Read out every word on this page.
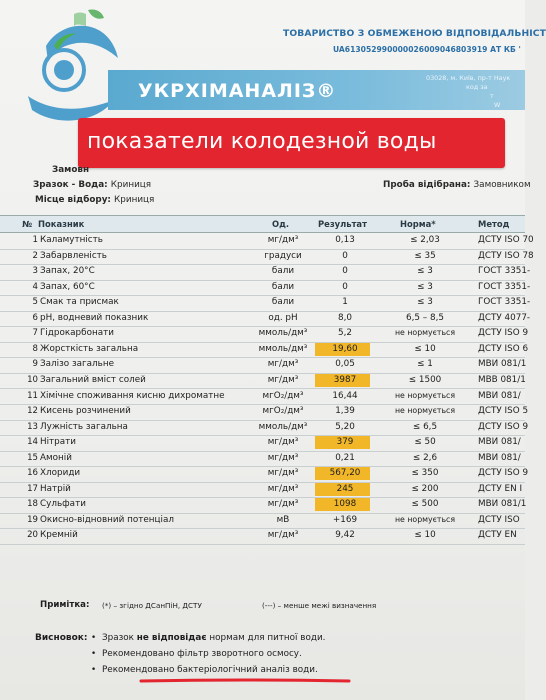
ТОВАРИСТВО З ОБМЕЖЕНОЮ ВІДПОВІДАЛЬНІСТ
UA613052990000026009046803919 АТ КБ '
УКРХІМАНАЛІЗ®
03028, м. Київ, пр-т Наук
код за
т
W
показатели колодезной воды
Замовн
Зразок - Вода: Криниця
Місце відбору: Криниця
Проба відібрана: Замовником
№ Показник	Од.	Результат	Норма*	Метод
1 Каламутність	мг/дм³	0,13	≤ 2,03	ДСТУ ISO 70
2 Забарвленість	градуси	0	≤ 35	ДСТУ ISO 78
3 Запах, 20°С	бали	0	≤ 3	ГОСТ 3351-
4 Запах, 60°С	бали	0	≤ 3	ГОСТ 3351-
5 Смак та присмак	бали	1	≤ 3	ГОСТ 3351-
6 pH, водневий показник	од. pH	8,0	6,5 – 8,5	ДСТУ 4077-
7 Гідрокарбонати	ммоль/дм³	5,2	не нормується	ДСТУ ISO 9
8 Жорсткість загальна	ммоль/дм³	19,60	≤ 10	ДСТУ ISO 6
9 Залізо загальне	мг/дм³	0,05	≤ 1	МВИ 081/1
10 Загальний вміст солей	мг/дм³	3987	≤ 1500	МВВ 081/1
11 Хімічне споживання кисню дихроматне	мгО₂/дм³	16,44	не нормується	МВИ 081/
12 Кисень розчинений	мгО₂/дм³	1,39	не нормується	ДСТУ ISO 5
13 Лужність загальна	ммоль/дм³	5,20	≤ 6,5	ДСТУ ISO 9
14 Нітрати	мг/дм³	379	≤ 50	МВИ 081/
15 Амоній	мг/дм³	0,21	≤ 2,6	МВИ 081/
16 Хлориди	мг/дм³	567,20	≤ 350	ДСТУ ISO 9
17 Натрій	мг/дм³	245	≤ 200	ДСТУ EN I
18 Сульфати	мг/дм³	1098	≤ 500	МВИ 081/1
19 Окисно-відновний потенціал	мВ	+169	не нормується	ДСТУ ISO
20 Кремній	мг/дм³	9,42	≤ 10	ДСТУ EN
Примітка: (*) – згідно ДСанПіН, ДСТУ	(---) – менше межі визначення
Висновок:
• Зразок не відповідає нормам для питної води.
• Рекомендовано фільтр зворотного осмосу.
• Рекомендовано бактеріологічний аналіз води.
